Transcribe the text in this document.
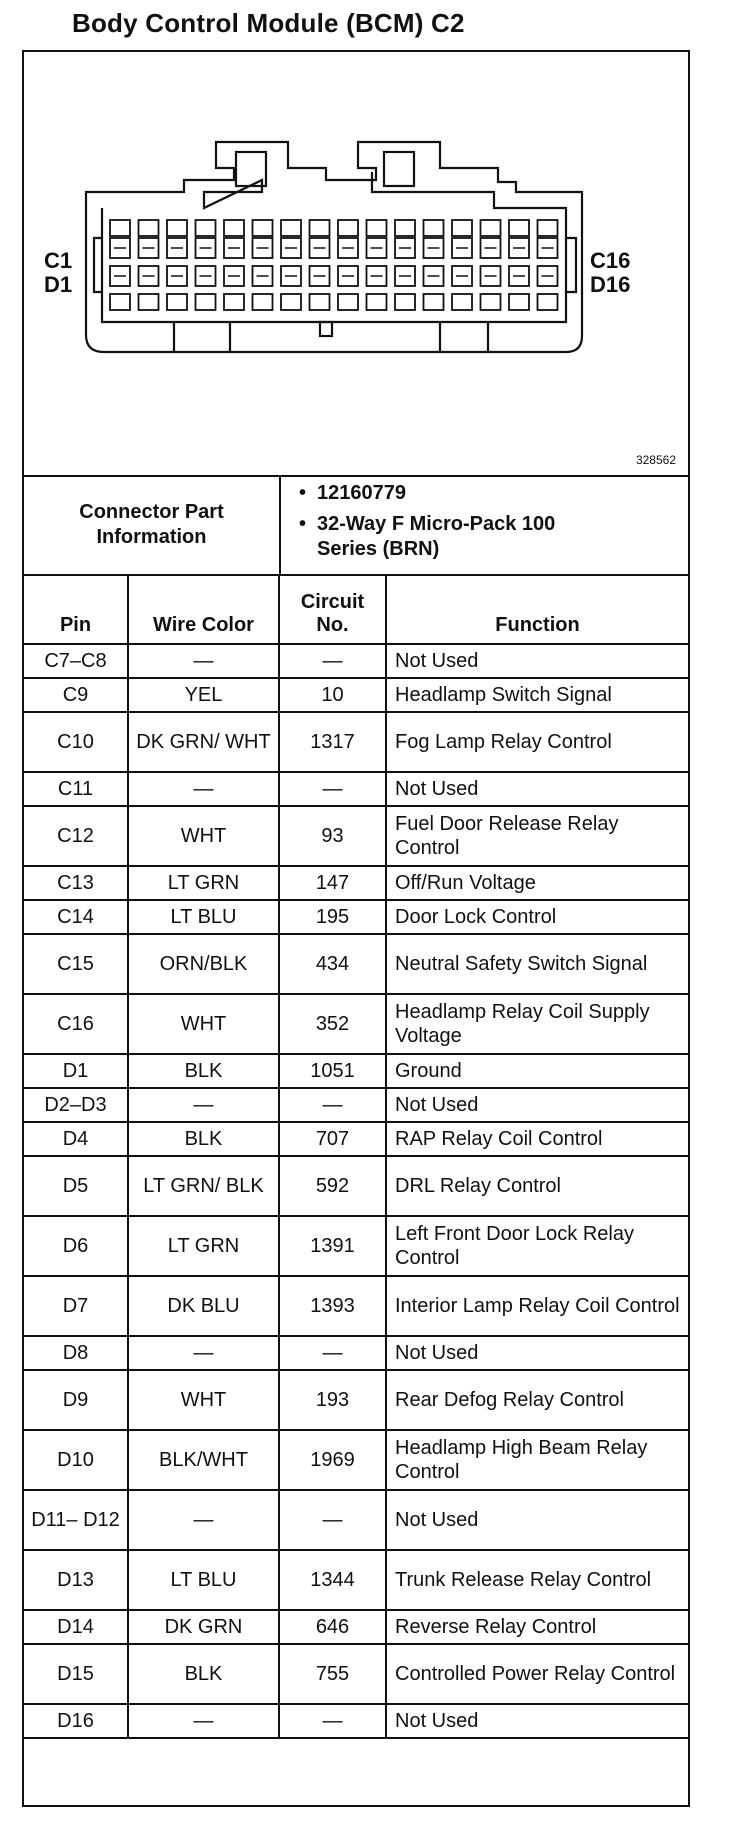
Body Control Module (BCM) C2
C1
D1
C16
D16
328562
Connector Part Information
• 12160779
• 32-Way F Micro-Pack 100 Series (BRN)
Pin	Wire Color	Circuit No.	Function
C7–C8	—	—	Not Used
C9	YEL	10	Headlamp Switch Signal
C10	DK GRN/ WHT	1317	Fog Lamp Relay Control
C11	—	—	Not Used
C12	WHT	93	Fuel Door Release Relay Control
C13	LT GRN	147	Off/Run Voltage
C14	LT BLU	195	Door Lock Control
C15	ORN/BLK	434	Neutral Safety Switch Signal
C16	WHT	352	Headlamp Relay Coil Supply Voltage
D1	BLK	1051	Ground
D2–D3	—	—	Not Used
D4	BLK	707	RAP Relay Coil Control
D5	LT GRN/ BLK	592	DRL Relay Control
D6	LT GRN	1391	Left Front Door Lock Relay Control
D7	DK BLU	1393	Interior Lamp Relay Coil Control
D8	—	—	Not Used
D9	WHT	193	Rear Defog Relay Control
D10	BLK/WHT	1969	Headlamp High Beam Relay Control
D11– D12	—	—	Not Used
D13	LT BLU	1344	Trunk Release Relay Control
D14	DK GRN	646	Reverse Relay Control
D15	BLK	755	Controlled Power Relay Control
D16	—	—	Not Used
